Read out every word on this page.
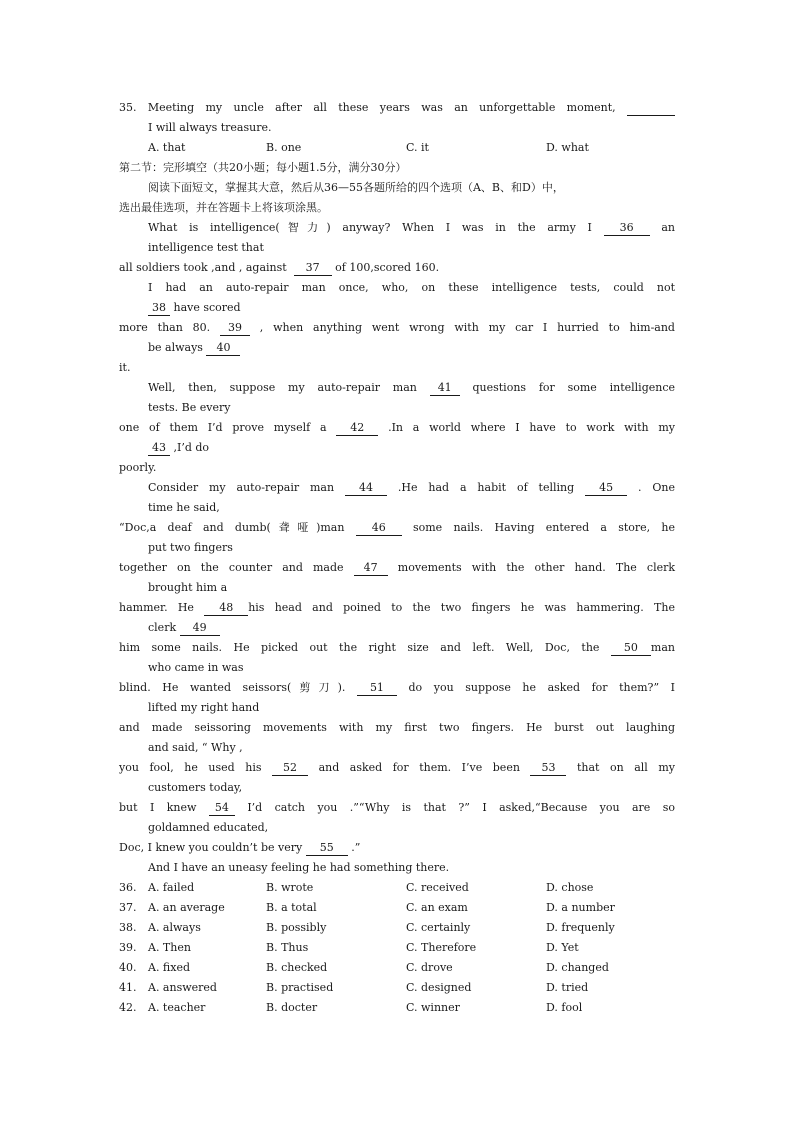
35. Meeting my uncle after all these years was an unforgettable moment,
I will always treasure.
A. that	B. one	C. it	D. what
第二节：完形填空（共20小题；每小题1.5分，满分30分）
阅读下面短文，掌握其大意，然后从36—55各题所给的四个选项（A、B、和D）中，
选出最佳选项，并在答题卡上将该项涂黑。
What is intelligence(智力) anyway? When I was in the army I	36	an
intelligence test that
all soldiers took ,and , against 37 of 100,scored 160.
I had an auto-repair man once, who, on these intelligence tests, could not
38 have scored
more than 80. 39 , when anything went wrong with my car I hurried to him-and
be always 40
it.
Well, then, suppose my auto-repair man 41 questions for some intelligence
tests. Be every
one of them I’d prove myself a 42 .In a world where I have to work with my
43 ,I’d do
poorly.
Consider my auto-repair man 44 .He had a habit of telling 45 . One
time he said,
“Doc,a deaf and dumb(聋哑)man 46 some nails. Having entered a store, he
put two fingers
together on the counter and made 47 movements with the other hand. The clerk
brought him a
hammer. He 48 his head and poined to the two fingers he was hammering. The
clerk 49
him some nails. He picked out the right size and left. Well, Doc, the 50 man
who came in was
blind. He wanted seissors(剪刀). 51 do you suppose he asked for them?” I
lifted my right hand
and made seissoring movements with my first two fingers. He burst out laughing
and said, “ Why ,
you fool, he used his 52 and asked for them. I’ve been 53 that on all my
customers today,
but I knew 54 I’d catch you .”“Why is that ?” I asked,“Because you are so
goldamned educated,
Doc, I knew you couldn’t be very 55 .”
And I have an uneasy feeling he had something there.
36. A. failed	B. wrote	C. received	D. chose
37. A. an average	B. a total	C. an exam	D. a number
38. A. always	B. possibly	C. certainly	D. frequenly
39. A. Then	B. Thus	C. Therefore	D. Yet
40. A. fixed	B. checked	C. drove	D. changed
41. A. answered	B. practised	C. designed	D. tried
42. A. teacher	B. docter	C. winner	D. fool
